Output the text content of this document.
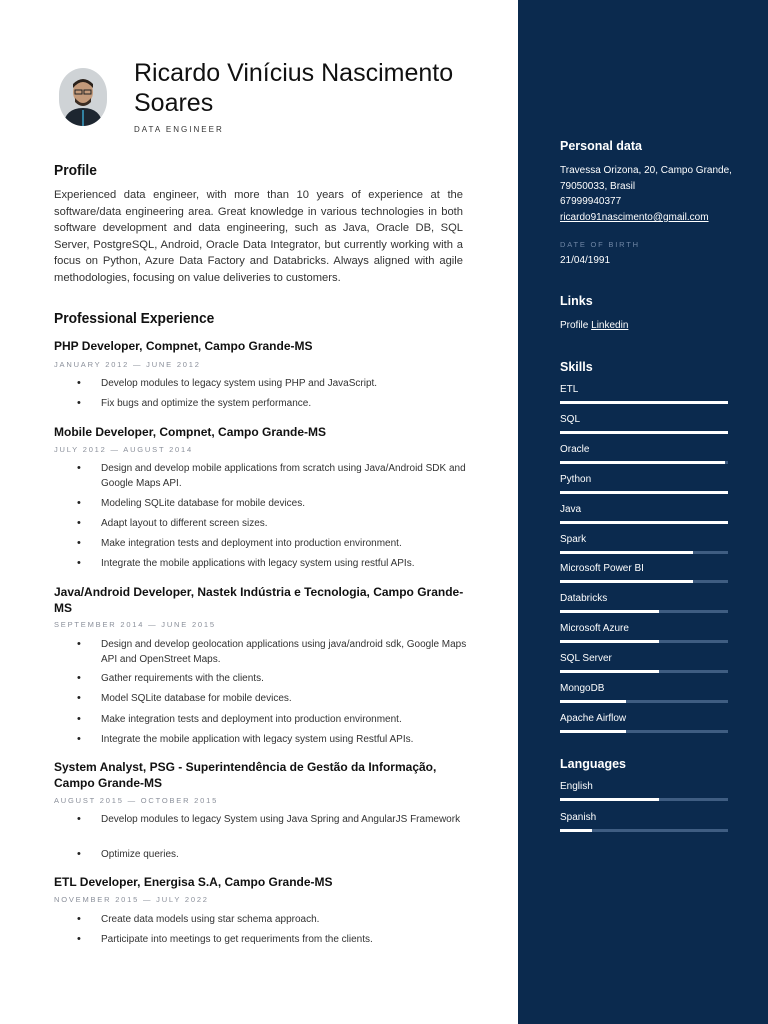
Ricardo Vinícius Nascimento Soares
DATA ENGINEER
Profile
Experienced data engineer, with more than 10 years of experience at the software/data engineering area. Great knowledge in various technologies in both software development and data engineering, such as Java, Oracle DB, SQL Server, PostgreSQL, Android, Oracle Data Integrator, but currently working with a focus on Python, Azure Data Factory and Databricks. Always aligned with agile methodologies, focusing on value deliveries to customers.
Professional Experience
PHP Developer, Compnet, Campo Grande-MS
JANUARY 2012 — JUNE 2012
• Develop modules to legacy system using PHP and JavaScript.
• Fix bugs and optimize the system performance.
Mobile Developer, Compnet, Campo Grande-MS
JULY 2012 — AUGUST 2014
• Design and develop mobile applications from scratch using Java/Android SDK and Google Maps API.
• Modeling SQLite database for mobile devices.
• Adapt layout to different screen sizes.
• Make integration tests and deployment into production environment.
• Integrate the mobile applications with legacy system using restful APIs.
Java/Android Developer, Nastek Indústria e Tecnologia, Campo Grande-MS
SEPTEMBER 2014 — JUNE 2015
• Design and develop geolocation applications using java/android sdk, Google Maps API and OpenStreet Maps.
• Gather requirements with the clients.
• Model SQLite database for mobile devices.
• Make integration tests and deployment into production environment.
• Integrate the mobile application with legacy system using Restful APIs.
System Analyst, PSG - Superintendência de Gestão da Informação, Campo Grande-MS
AUGUST 2015 — OCTOBER 2015
• Develop modules to legacy System using Java Spring and AngularJS Framework
• Optimize queries.
ETL Developer, Energisa S.A, Campo Grande-MS
NOVEMBER 2015 — JULY 2022
• Create data models using star schema approach.
• Participate into meetings to get requeriments from the clients.
Personal data
Travessa Orizona, 20, Campo Grande, 79050033, Brasil
67999940377
ricardo91nascimento@gmail.com
DATE OF BIRTH
21/04/1991
Links
Profile Linkedin
Skills
ETL
SQL
Oracle
Python
Java
Spark
Microsoft Power BI
Databricks
Microsoft Azure
SQL Server
MongoDB
Apache Airflow
Languages
English
Spanish
